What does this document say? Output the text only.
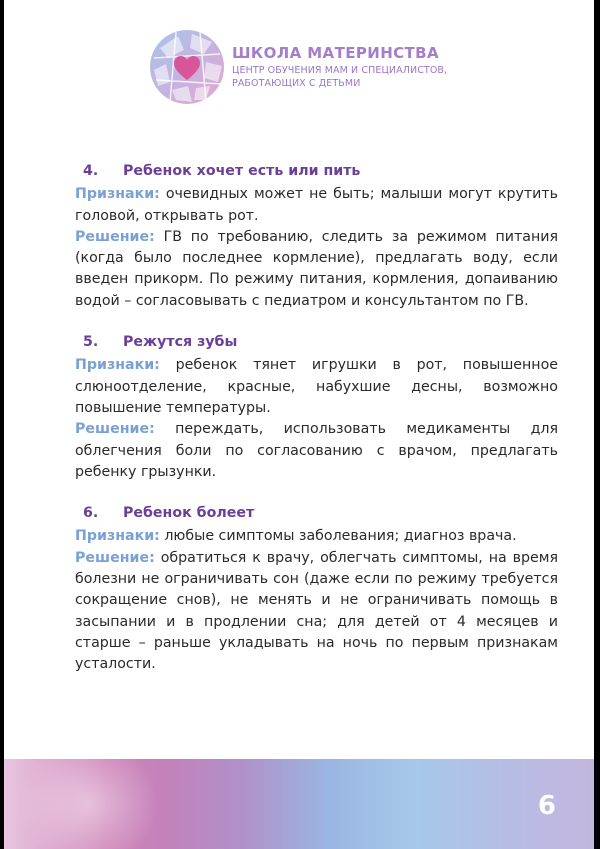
ШКОЛА МАТЕРИНСТВА
ЦЕНТР ОБУЧЕНИЯ МАМ И СПЕЦИАЛИСТОВ,
РАБОТАЮЩИХ С ДЕТЬМИ
4. Ребенок хочет есть или пить

Признаки: очевидных может не быть; малыши могут крутить головой, открывать рот.

Решение: ГВ по требованию, следить за режимом питания (когда было последнее кормление), предлагать воду, если введен прикорм. По режиму питания, кормления, допаиванию водой – согласовывать с педиатром и консультантом по ГВ.

5. Режутся зубы

Признаки: ребенок тянет игрушки в рот, повышенное слюноотделение, красные, набухшие десны, возможно повышение температуры.

Решение: переждать, использовать медикаменты для облегчения боли по согласованию с врачом, предлагать ребенку грызунки.

6. Ребенок болеет

Признаки: любые симптомы заболевания; диагноз врача.

Решение: обратиться к врачу, облегчать симптомы, на время болезни не ограничивать сон (даже если по режиму требуется сокращение снов), не менять и не ограничивать помощь в засыпании и в продлении сна; для детей от 4 месяцев и старше – раньше укладывать на ночь по первым признакам усталости.

6
